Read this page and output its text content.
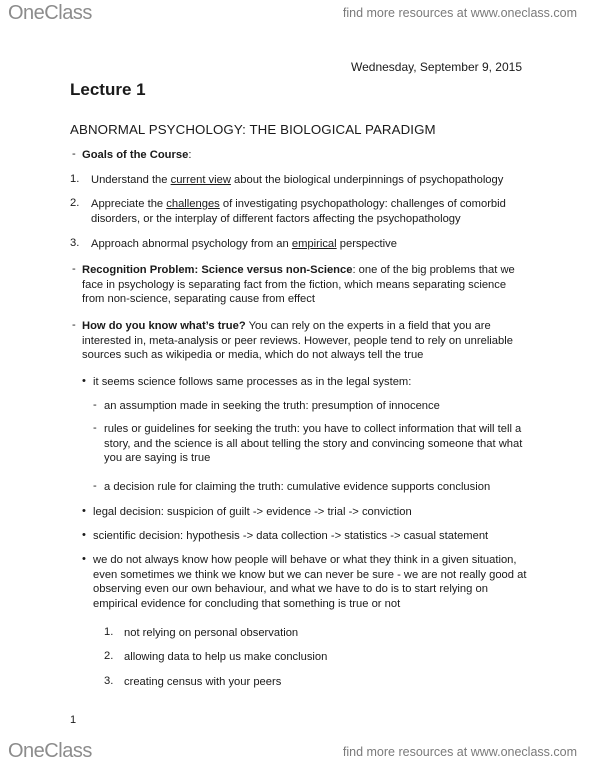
OneClass	find more resources at www.oneclass.com
Wednesday, September 9, 2015
Lecture 1
ABNORMAL PSYCHOLOGY: THE BIOLOGICAL PARADIGM
- Goals of the Course:
1. Understand the current view about the biological underpinnings of psychopathology
2. Appreciate the challenges of investigating psychopathology: challenges of comorbid disorders, or the interplay of different factors affecting the psychopathology
3. Approach abnormal psychology from an empirical perspective
- Recognition Problem: Science versus non-Science: one of the big problems that we face in psychology is separating fact from the fiction, which means separating science from non-science, separating cause from effect
- How do you know what’s true? You can rely on the experts in a field that you are interested in, meta-analysis or peer reviews. However, people tend to rely on unreliable sources such as wikipedia or media, which do not always tell the true
• it seems science follows same processes as in the legal system:
- an assumption made in seeking the truth: presumption of innocence
- rules or guidelines for seeking the truth: you have to collect information that will tell a story, and the science is all about telling the story and convincing someone that what you are saying is true
- a decision rule for claiming the truth: cumulative evidence supports conclusion
• legal decision: suspicion of guilt -> evidence -> trial -> conviction
• scientific decision: hypothesis -> data collection -> statistics -> casual statement
• we do not always know how people will behave or what they think in a given situation, even sometimes we think we know but we can never be sure - we are not really good at observing even our own behaviour, and what we have to do is to start relying on empirical evidence for concluding that something is true or not
1. not relying on personal observation
2. allowing data to help us make conclusion
3. creating census with your peers
1
OneClass	find more resources at www.oneclass.com
